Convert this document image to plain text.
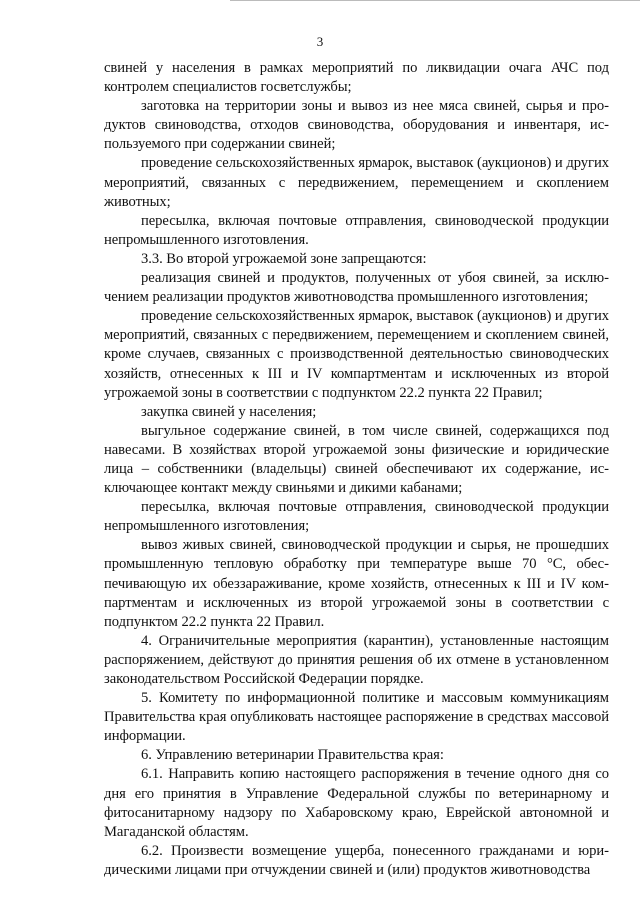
3

свиней у населения в рамках мероприятий по ликвидации очага АЧС под контролем специалистов госветслужбы;

заготовка на территории зоны и вывоз из нее мяса свиней, сырья и продуктов свиноводства, отходов свиноводства, оборудования и инвентаря, используемого при содержании свиней;

проведение сельскохозяйственных ярмарок, выставок (аукционов) и других мероприятий, связанных с передвижением, перемещением и скоплением животных;

пересылка, включая почтовые отправления, свиноводческой продукции непромышленного изготовления.

3.3. Во второй угрожаемой зоне запрещаются:

реализация свиней и продуктов, полученных от убоя свиней, за исключением реализации продуктов животноводства промышленного изготовления;

проведение сельскохозяйственных ярмарок, выставок (аукционов) и других мероприятий, связанных с передвижением, перемещением и скоплением свиней, кроме случаев, связанных с производственной деятельностью свиноводческих хозяйств, отнесенных к III и IV компартментам и исключенных из второй угрожаемой зоны в соответствии с подпунктом 22.2 пункта 22 Правил;

закупка свиней у населения;

выгульное содержание свиней, в том числе свиней, содержащихся под навесами. В хозяйствах второй угрожаемой зоны физические и юридические лица – собственники (владельцы) свиней обеспечивают их содержание, исключающее контакт между свиньями и дикими кабанами;

пересылка, включая почтовые отправления, свиноводческой продукции непромышленного изготовления;

вывоз живых свиней, свиноводческой продукции и сырья, не прошедших промышленную тепловую обработку при температуре выше 70 °С, обеспечивающую их обеззараживание, кроме хозяйств, отнесенных к III и IV компартментам и исключенных из второй угрожаемой зоны в соответствии с подпунктом 22.2 пункта 22 Правил.

4. Ограничительные мероприятия (карантин), установленные настоящим распоряжением, действуют до принятия решения об их отмене в установленном законодательством Российской Федерации порядке.

5. Комитету по информационной политике и массовым коммуникациям Правительства края опубликовать настоящее распоряжение в средствах массовой информации.

6. Управлению ветеринарии Правительства края:

6.1. Направить копию настоящего распоряжения в течение одного дня со дня его принятия в Управление Федеральной службы по ветеринарному и фитосанитарному надзору по Хабаровскому краю, Еврейской автономной и Магаданской областям.

6.2. Произвести возмещение ущерба, понесенного гражданами и юридическими лицами при отчуждении свиней и (или) продуктов животноводства
